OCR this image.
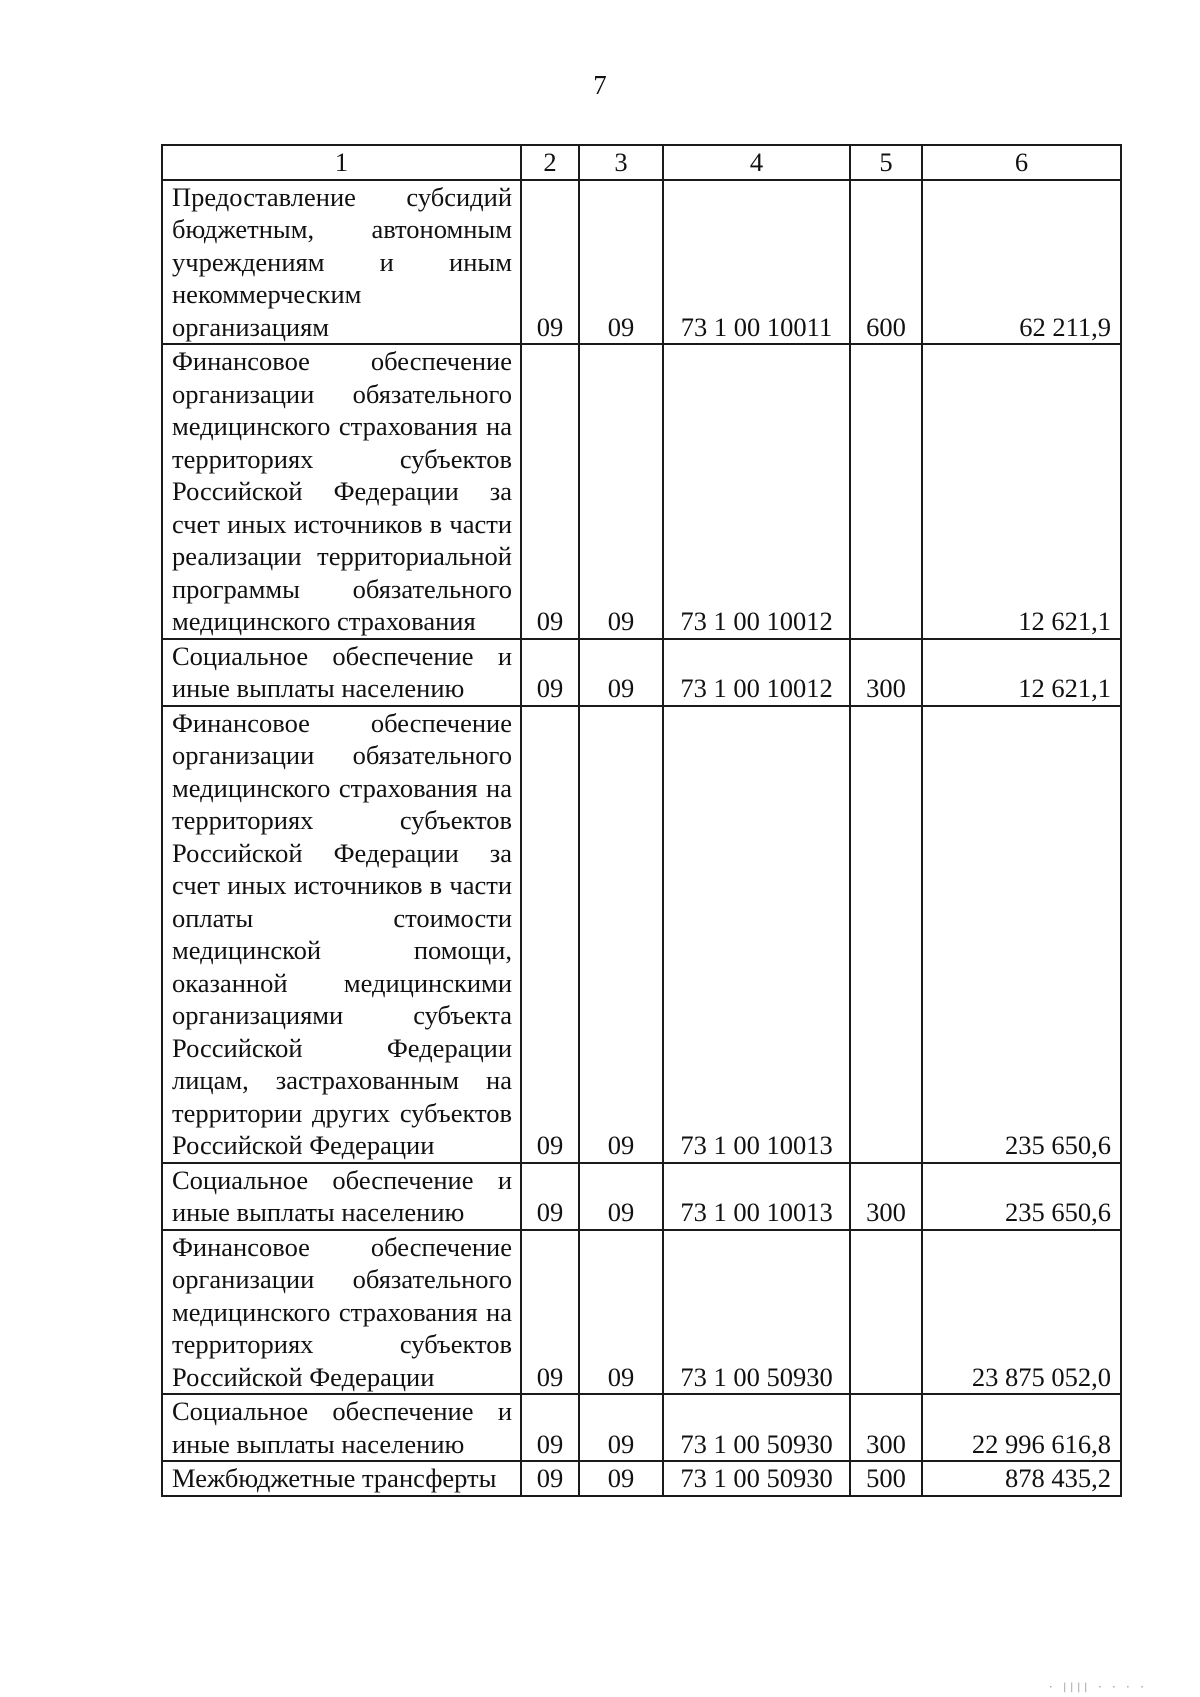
7
1	2	3	4	5	6
Предоставление субсидий бюджетным, автономным учреждениям и иным некоммерческим организациям	09	09	73 1 00 10011	600	62 211,9
Финансовое обеспечение организации обязательного медицинского страхования на территориях субъектов Российской Федерации за счет иных источников в части реализации территориальной программы обязательного медицинского страхования	09	09	73 1 00 10012		12 621,1
Социальное обеспечение и иные выплаты населению	09	09	73 1 00 10012	300	12 621,1
Финансовое обеспечение организации обязательного медицинского страхования на территориях субъектов Российской Федерации за счет иных источников в части оплаты стоимости медицинской помощи, оказанной медицинскими организациями субъекта Российской Федерации лицам, застрахованным на территории других субъектов Российской Федерации	09	09	73 1 00 10013		235 650,6
Социальное обеспечение и иные выплаты населению	09	09	73 1 00 10013	300	235 650,6
Финансовое обеспечение организации обязательного медицинского страхования на территориях субъектов Российской Федерации	09	09	73 1 00 50930		23 875 052,0
Социальное обеспечение и иные выплаты населению	09	09	73 1 00 50930	300	22 996 616,8
Межбюджетные трансферты	09	09	73 1 00 50930	500	878 435,2
· |||| · · · ·
